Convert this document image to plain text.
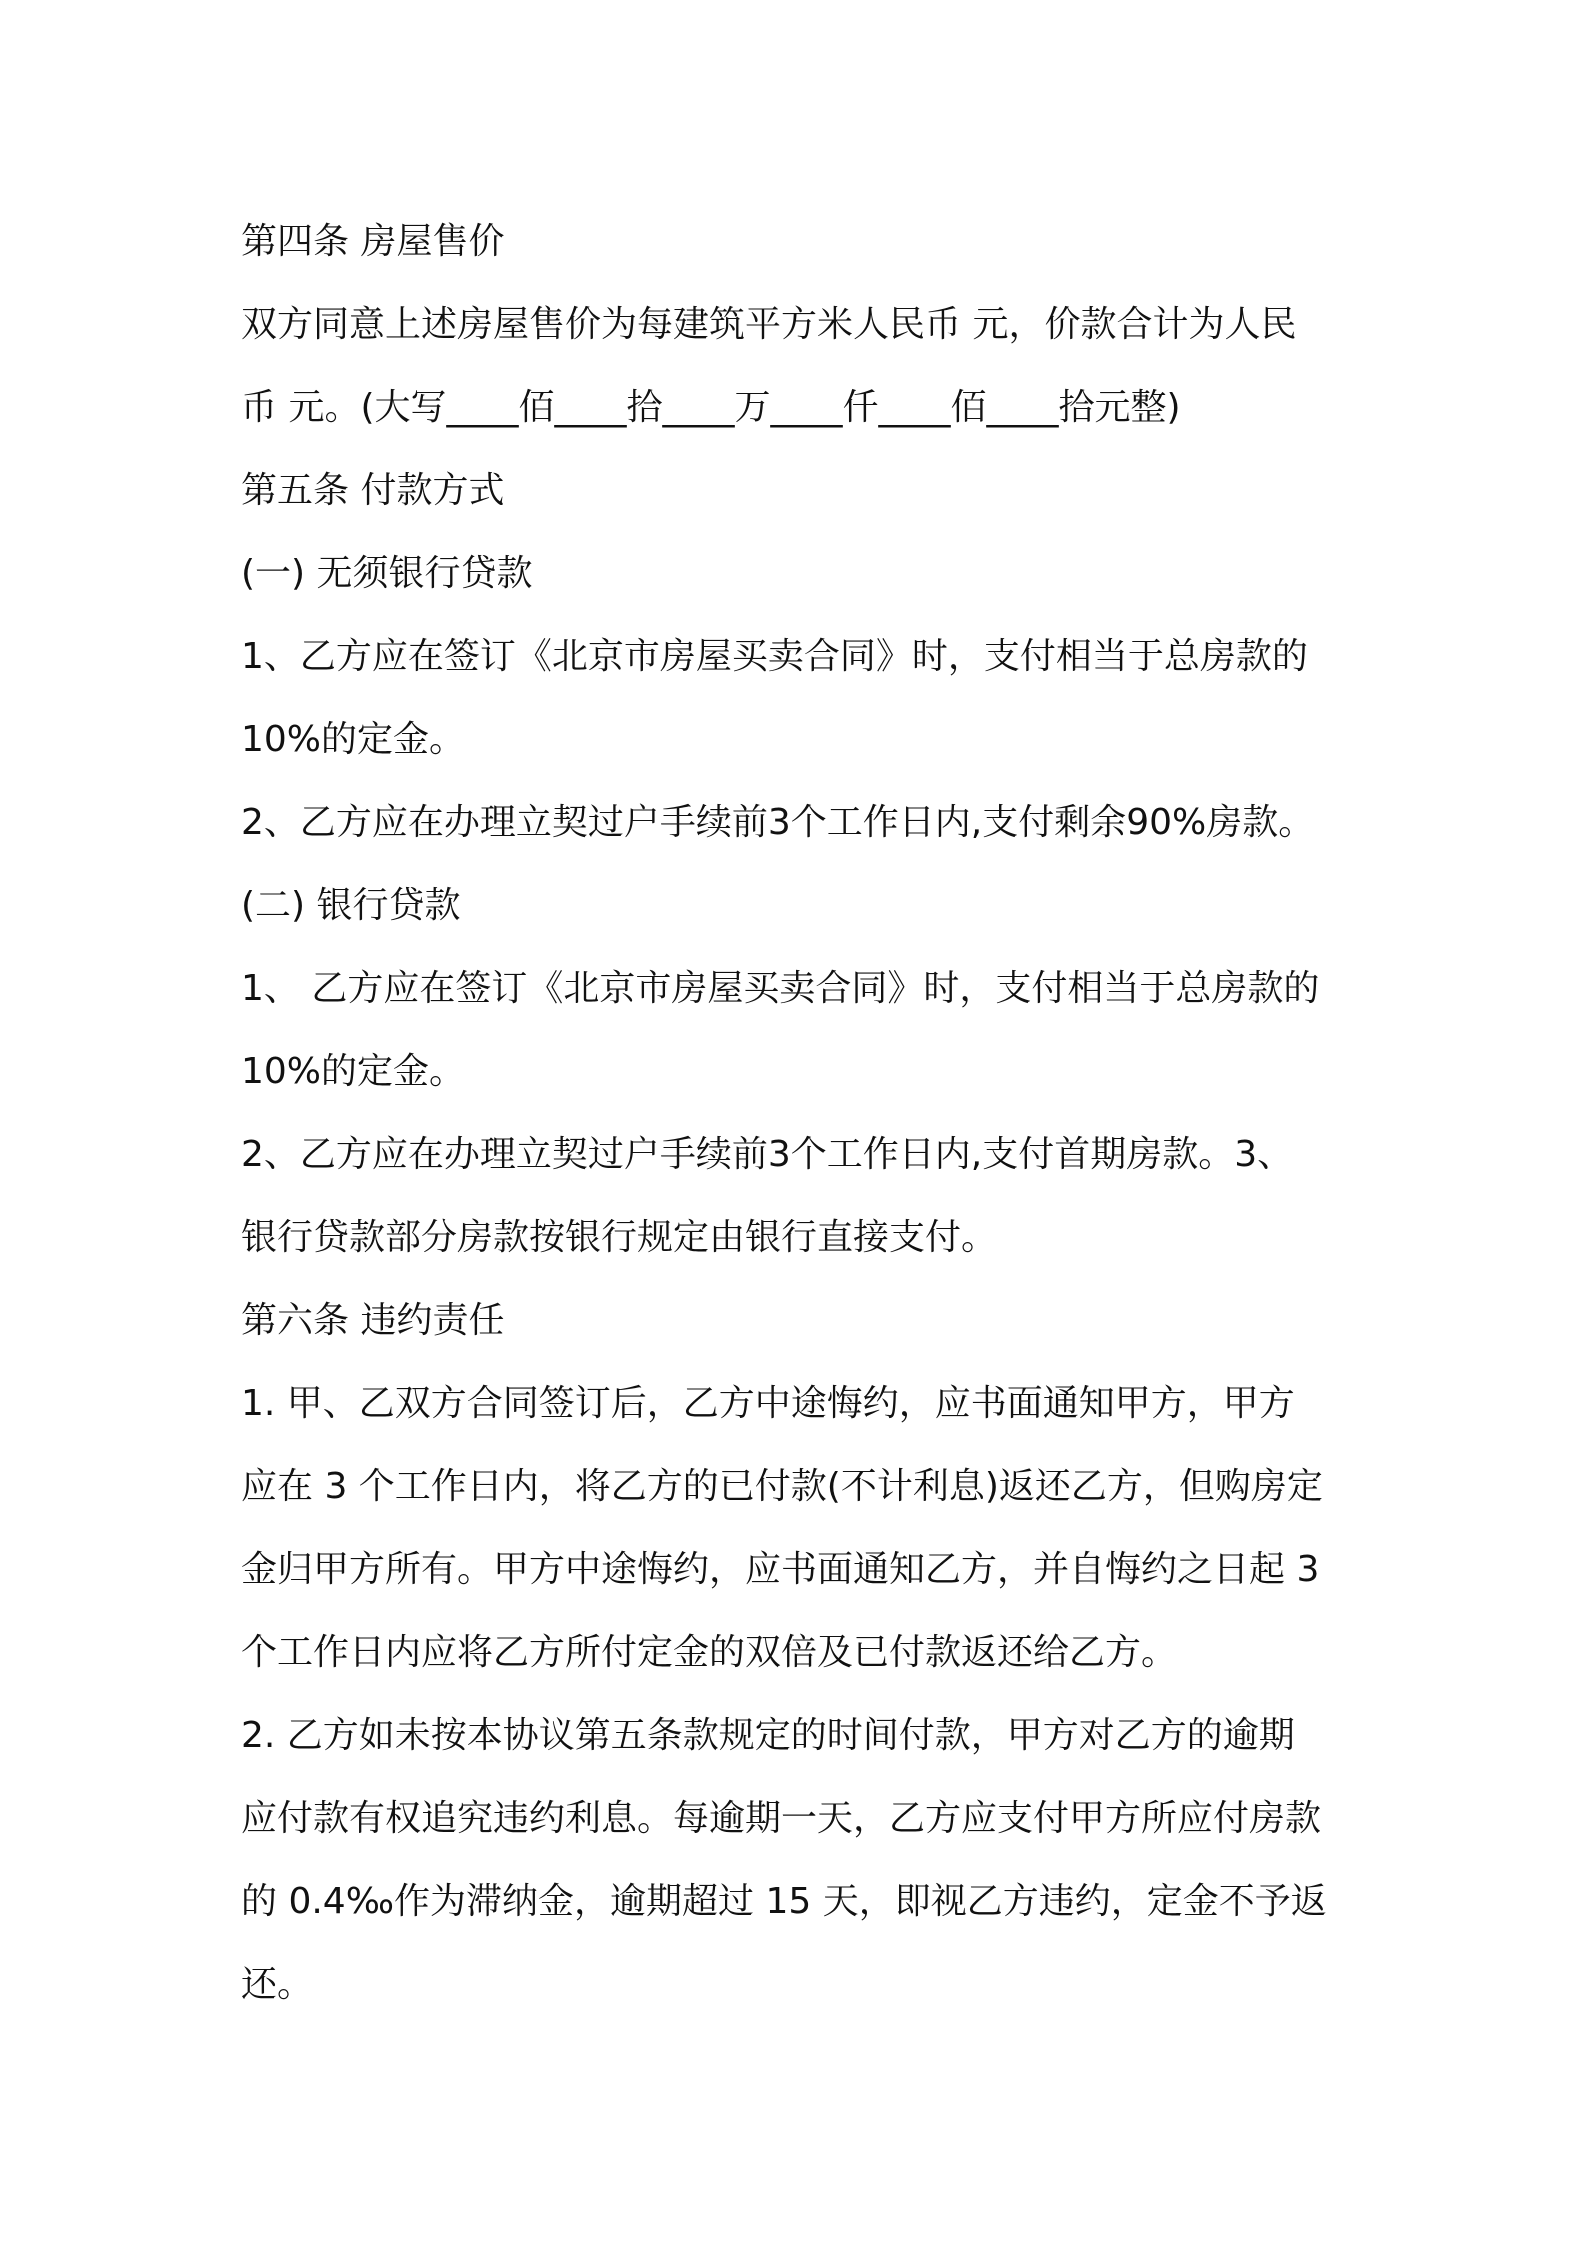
第四条 房屋售价
双方同意上述房屋售价为每建筑平方米人民币 元，价款合计为人民
币 元。(大写____佰____拾____万____仟____佰____拾元整)
第五条 付款方式
(一) 无须银行贷款
1、乙方应在签订《北京市房屋买卖合同》时，支付相当于总房款的
10%的定金。
2、乙方应在办理立契过户手续前3个工作日内,支付剩余90%房款。
(二) 银行贷款
1、 乙方应在签订《北京市房屋买卖合同》时，支付相当于总房款的
10%的定金。
2、乙方应在办理立契过户手续前3个工作日内,支付首期房款。3、
银行贷款部分房款按银行规定由银行直接支付。
第六条 违约责任
1. 甲、乙双方合同签订后，乙方中途悔约，应书面通知甲方，甲方
应在 3 个工作日内，将乙方的已付款(不计利息)返还乙方，但购房定
金归甲方所有。甲方中途悔约，应书面通知乙方，并自悔约之日起 3
个工作日内应将乙方所付定金的双倍及已付款返还给乙方。
2. 乙方如未按本协议第五条款规定的时间付款，甲方对乙方的逾期
应付款有权追究违约利息。每逾期一天，乙方应支付甲方所应付房款
的 0.4‰作为滞纳金，逾期超过 15 天，即视乙方违约，定金不予返
还。
